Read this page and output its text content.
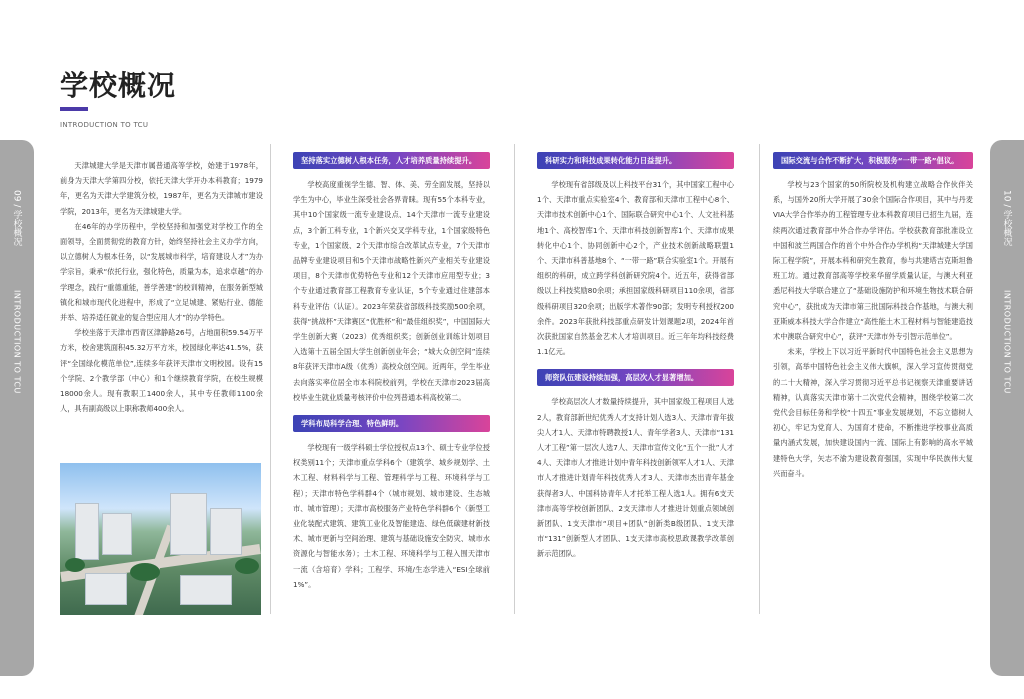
学校概况
INTRODUCTION TO TCU
09 / 学校概况
INTRODUCTION TO TCU
10 / 学校概况
INTRODUCTION TO TCU

天津城建大学是天津市属普通高等学校，始建于1978年，前身为天津大学第四分校，依托天津大学开办本科教育；1979年，更名为天津大学建筑分校，1987年，更名为天津城市建设学院，2013年，更名为天津城建大学。

在46年的办学历程中，学校坚持和加强党对学校工作的全面领导，全面贯彻党的教育方针，始终坚持社会主义办学方向，以立德树人为根本任务，以“发展城市科学，培育建设人才”为办学宗旨，秉承“依托行业，强化特色，质量为本，追求卓越”的办学理念，践行“重德重能，善学善建”的校训精神，在服务新型城镇化和城市现代化进程中，形成了“立足城建、紧贴行业、德能并举、培养适任就业的复合型应用人才”的办学特色。

学校坐落于天津市西青区津静路26号，占地面积59.54万平方米，校舍建筑面积45.32万平方米，校园绿化率达41.5%，获评“全国绿化模范单位”,连续多年获评天津市文明校园。设有15个学院、2个教学部（中心）和1个继续教育学院，在校生规模18000余人。现有教职工1400余人，其中专任教师1100余人，具有副高级以上职称教师400余人。

坚持落实立德树人根本任务，人才培养质量持续提升。

学校高度重视学生德、智、体、美、劳全面发展，坚持以学生为中心，毕业生深受社会各界青睐。现有55个本科专业，其中10个国家级一流专业建设点、14个天津市一流专业建设点，3个新工科专业，1个新兴交叉学科专业，1个国家级特色专业，1个国家级、2个天津市综合改革试点专业，7个天津市品牌专业建设项目和5个天津市战略性新兴产业相关专业建设项目，8个天津市优势特色专业和12个天津市应用型专业；3个专业通过教育部工程教育专业认证，5个专业通过住建部本科专业评估（认证）。2023年荣获省部级科技奖励500余项，获得“挑战杯”天津赛区“优胜杯”和“最佳组织奖”，中国国际大学生创新大赛（2023）优秀组织奖；创新创业训练计划项目入选第十五届全国大学生创新创业年会；“城大众创空间”连续8年获评天津市A级（优秀）高校众创空间。近两年，学生毕业去向落实率位居全市本科院校前列，学校在天津市2023届高校毕业生就业质量考核评价中位列普通本科高校第二。

学科布局科学合理、特色鲜明。

学校现有一级学科硕士学位授权点13个、硕士专业学位授权类别11个；天津市重点学科6个（建筑学、城乡规划学、土木工程、材料科学与工程、管理科学与工程、环境科学与工程）；天津市特色学科群4个（城市规划、城市建设、生态城市、城市管理）；天津市高校服务产业特色学科群6个（新型工业化装配式建筑、建筑工业化及智能建造、绿色低碳建材新技术、城市更新与空间治理、建筑与基础设施安全防灾、城市水资源化与智能水务）；土木工程、环境科学与工程入围天津市一流（含培育）学科；工程学、环境/生态学进入“ESI全球前1%”。

科研实力和科技成果转化能力日益提升。

学校现有省部级及以上科技平台31个，其中国家工程中心1个、天津市重点实验室4个、教育部和天津市工程中心8个、天津市技术创新中心1个、国际联合研究中心1个、人文社科基地1个、高校智库1个、天津市科技创新智库1个、天津市成果转化中心1个、协同创新中心2个，产业技术创新战略联盟1个、天津市科普基地8个、“一带一路”联合实验室1个。开展有组织的科研，成立跨学科创新研究院4个。近五年，获得省部级以上科技奖励80余项；承担国家级科研项目110余项，省部级科研项目320余项；出版学术著作90部；发明专利授权200余件。2023年获批科技部重点研发计划课题2项，2024年首次获批国家自然基金艺术人才培训项目。近三年年均科技经费1.1亿元。

师资队伍建设持续加强，高层次人才显著增加。

学校高层次人才数量持续提升，其中国家级工程项目人选2人，教育部新世纪优秀人才支持计划人选3人、天津市青年拔尖人才1人、天津市特聘教授1人、青年学者3人、天津市“131人才工程”第一层次人选7人、天津市宣传文化“五个一批”人才4人、天津市人才推进计划中青年科技创新领军人才1人、天津市人才推进计划青年科技优秀人才3人、天津市杰出青年基金获得者3人、中国科协青年人才托举工程人选1人。拥有6支天津市高等学校创新团队、2支天津市人才推进计划重点领域创新团队、1支天津市“项目+团队”创新类B级团队、1支天津市“131”创新型人才团队、1支天津市高校思政课教学改革创新示范团队。

国际交流与合作不断扩大，积极服务“一带一路”倡议。

学校与23个国家的50所院校及机构建立战略合作伙伴关系，与国外20所大学开展了30余个国际合作项目，其中与丹麦VIA大学合作举办的工程管理专业本科教育项目已招生九届，连续两次通过教育部中外合作办学评估。学校获教育部批准设立中国和波兰两国合作的首个中外合作办学机构“天津城建大学国际工程学院”，开展本科和研究生教育，参与共建塔吉克斯坦鲁班工坊。通过教育部高等学校来华留学质量认证，与澳大利亚悉尼科技大学联合建立了“基础设施防护和环境生物技术联合研究中心”，获批成为天津市第三批国际科技合作基地，与澳大利亚斯威本科技大学合作建立“高性能土木工程材料与智能建造技术中澳联合研究中心”，获评“天津市外专引智示范单位”。

未来，学校上下以习近平新时代中国特色社会主义思想为引领，高举中国特色社会主义伟大旗帜，深入学习宣传贯彻党的二十大精神，深入学习贯彻习近平总书记视察天津重要讲话精神，认真落实天津市第十二次党代会精神，围绕学校第二次党代会目标任务和学校“十四五”事业发展规划，不忘立德树人初心，牢记为党育人、为国育才使命，不断推进学校事业高质量内涵式发展，加快建设国内一流、国际上有影响的高水平城建特色大学，矢志不渝为建设教育强国，实现中华民族伟大复兴而奋斗。
